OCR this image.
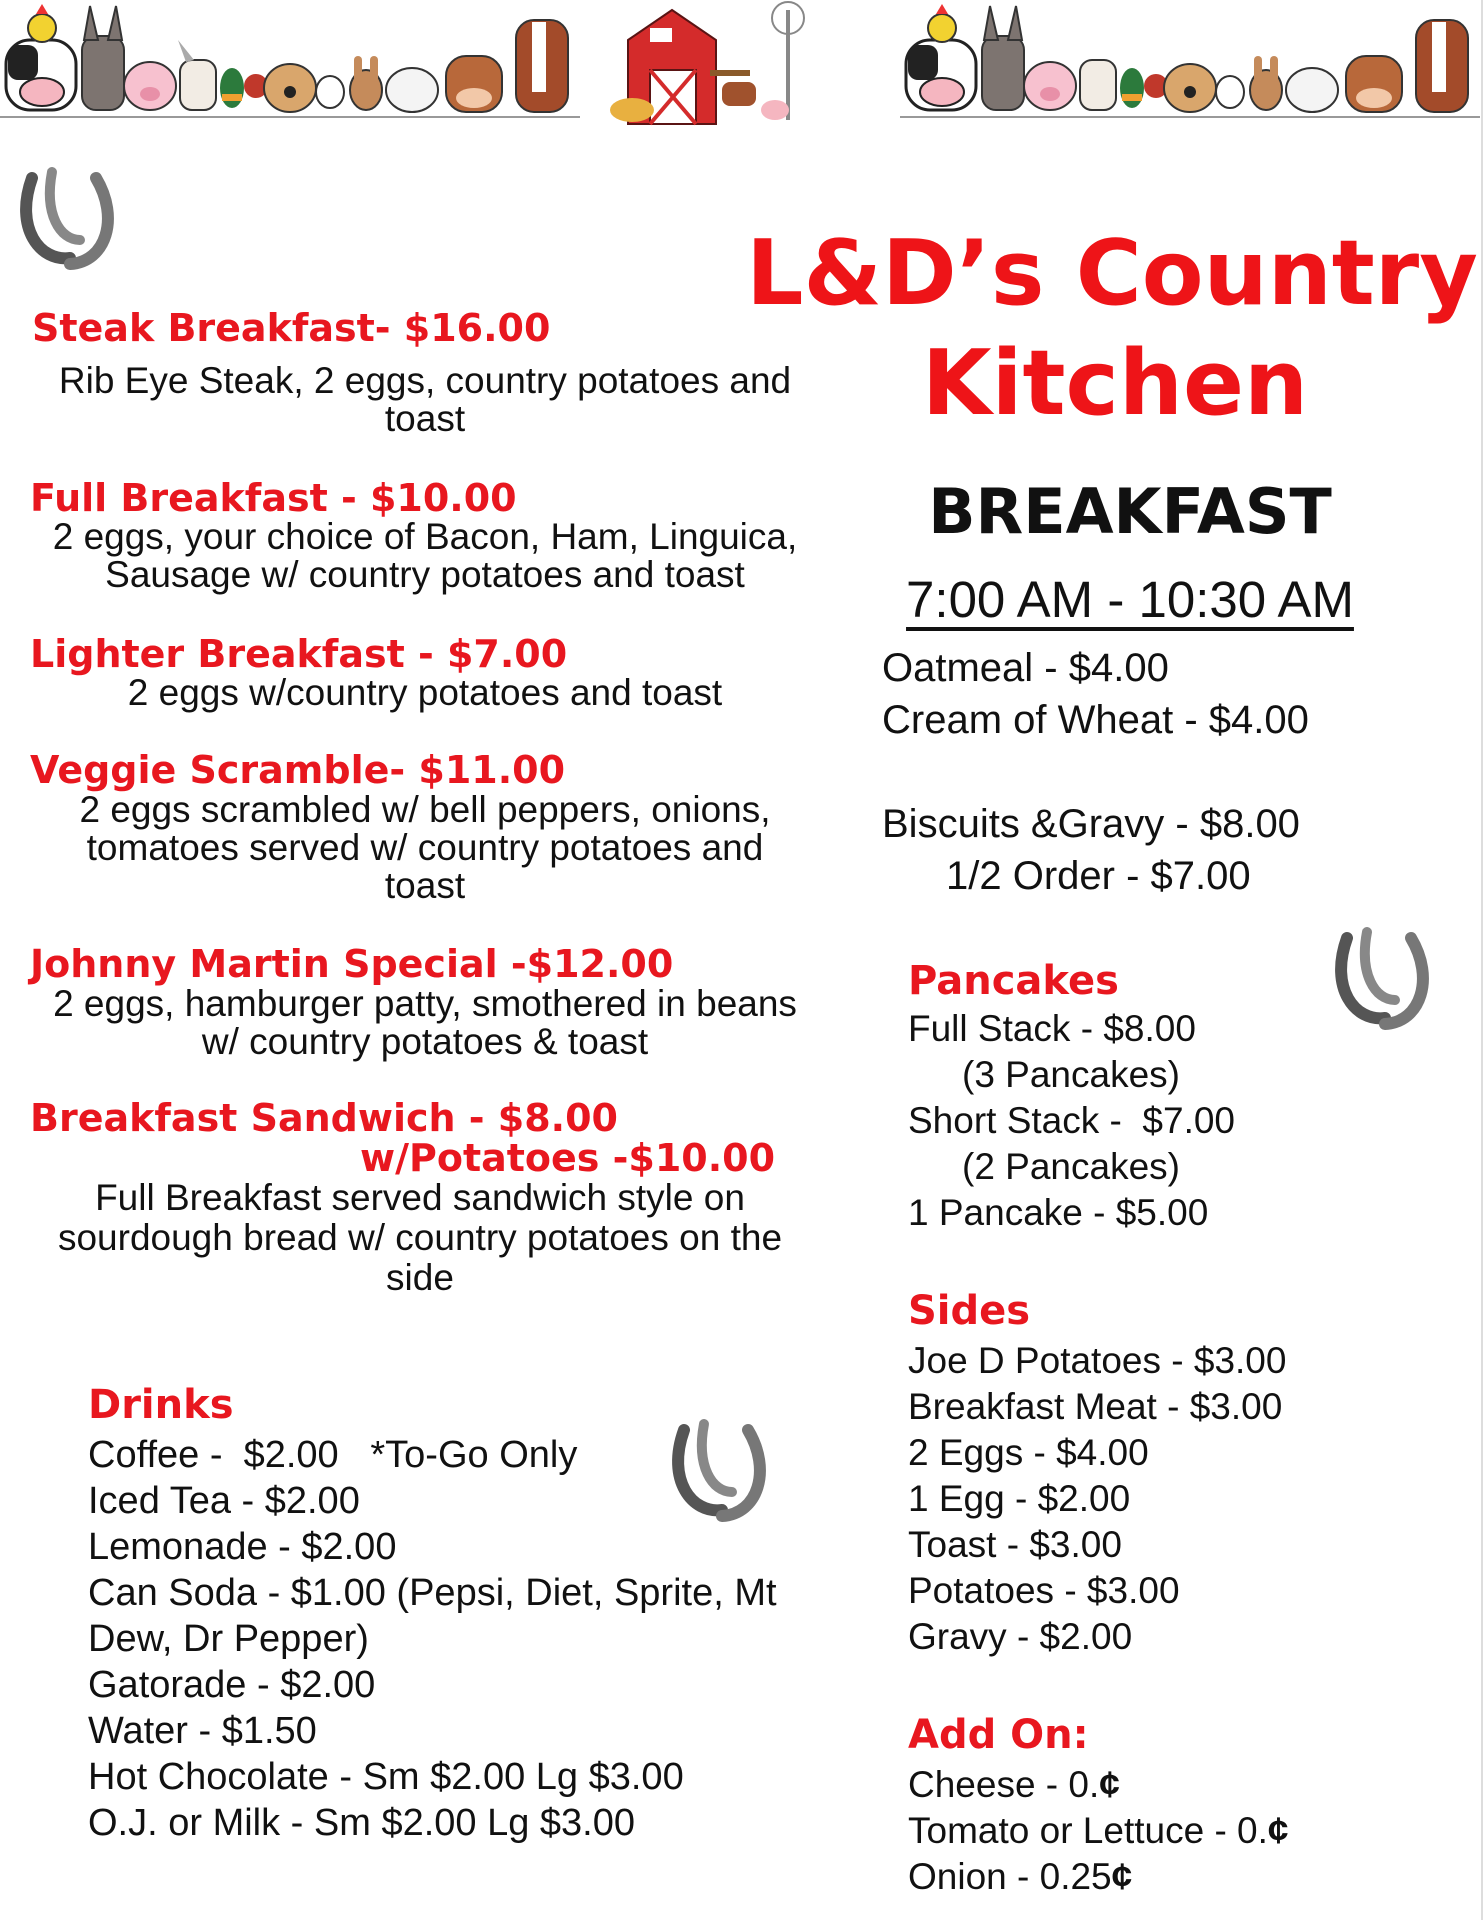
L&D’s Country
Kitchen
BREAKFAST
7:00 AM - 10:30 AM
Steak Breakfast- $16.00
Rib Eye Steak, 2 eggs, country potatoes and
toast
Full Breakfast - $10.00
2 eggs, your choice of Bacon, Ham, Linguica,
Sausage w/ country potatoes and toast
Lighter Breakfast - $7.00
2 eggs w/country potatoes and toast
Veggie Scramble- $11.00
2 eggs scrambled w/ bell peppers, onions,
tomatoes served w/ country potatoes and
toast
Johnny Martin Special -$12.00
2 eggs, hamburger patty, smothered in beans
w/ country potatoes & toast
Breakfast Sandwich - $8.00
w/Potatoes -$10.00
Full Breakfast served sandwich style on
sourdough bread w/ country potatoes on the
side
Drinks
Coffee -  $2.00   *To-Go Only
Iced Tea - $2.00
Lemonade - $2.00
Can Soda - $1.00 (Pepsi, Diet, Sprite, Mt
Dew, Dr Pepper)
Gatorade - $2.00
Water - $1.50
Hot Chocolate - Sm $2.00 Lg $3.00
O.J. or Milk - Sm $2.00 Lg $3.00
Oatmeal - $4.00
Cream of Wheat - $4.00
Biscuits &Gravy - $8.00
1/2 Order - $7.00
Pancakes
Full Stack - $8.00
(3 Pancakes)
Short Stack -  $7.00
(2 Pancakes)
1 Pancake - $5.00
Sides
Joe D Potatoes - $3.00
Breakfast Meat - $3.00
2 Eggs - $4.00
1 Egg - $2.00
Toast - $3.00
Potatoes - $3.00
Gravy - $2.00
Add On:
Cheese - 0.¢
Tomato or Lettuce - 0.¢
Onion - 0.25¢
